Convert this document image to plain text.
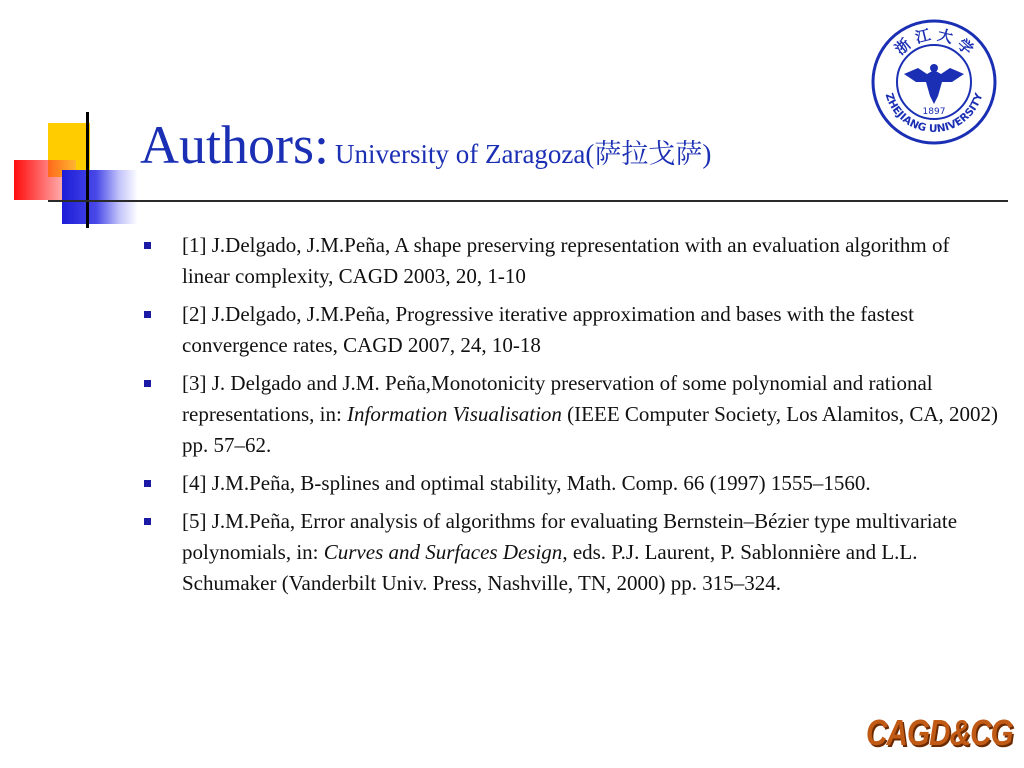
Authors: University of Zaragoza(萨拉戈萨)
浙 江 大 学
ZHEJIANG UNIVERSITY
1897
[1] J.Delgado, J.M.Peña, A shape preserving representation with an evaluation algorithm of linear complexity, CAGD 2003, 20, 1-10
[2] J.Delgado, J.M.Peña, Progressive iterative approximation and bases with the fastest convergence rates, CAGD 2007, 24, 10-18
[3] J. Delgado and J.M. Peña,Monotonicity preservation of some polynomial and rational representations, in: Information Visualisation (IEEE Computer Society, Los Alamitos, CA, 2002) pp. 57–62.
[4] J.M.Peña, B-splines and optimal stability, Math. Comp. 66 (1997) 1555–1560.
[5] J.M.Peña, Error analysis of algorithms for evaluating Bernstein–Bézier type multivariate polynomials, in: Curves and Surfaces Design, eds. P.J. Laurent, P. Sablonnière and L.L. Schumaker (Vanderbilt Univ. Press, Nashville, TN, 2000) pp. 315–324.
CAGD&CG
